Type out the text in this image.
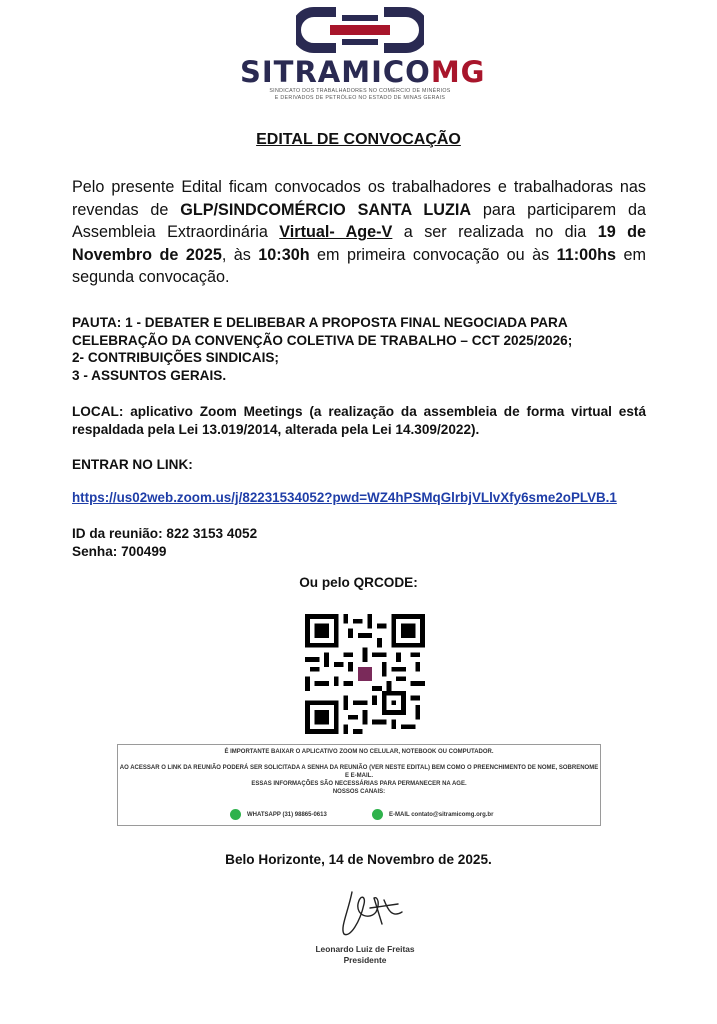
SITRAMICOMG
SINDICATO DOS TRABALHADORES NO COMÉRCIO DE MINÉRIOS
E DERIVADOS DE PETRÓLEO NO ESTADO DE MINAS GERAIS
EDITAL DE CONVOCAÇÃO
Pelo presente Edital ficam convocados os trabalhadores e trabalhadoras nas revendas de GLP/SINDCOMÉRCIO SANTA LUZIA para participarem da Assembleia Extraordinária Virtual- Age-V a ser realizada no dia 19 de Novembro de 2025, às 10:30h em primeira convocação ou às 11:00hs em segunda convocação.
PAUTA: 1 - DEBATER E DELIBEBAR A PROPOSTA FINAL NEGOCIADA PARA CELEBRAÇÃO DA CONVENÇÃO COLETIVA DE TRABALHO – CCT 2025/2026;
2- CONTRIBUIÇÕES SINDICAIS;
3 - ASSUNTOS GERAIS.
LOCAL: aplicativo Zoom Meetings (a realização da assembleia de forma virtual está respaldada pela Lei 13.019/2014, alterada pela Lei 14.309/2022).
ENTRAR NO LINK:
https://us02web.zoom.us/j/82231534052?pwd=WZ4hPSMqGlrbjVLlvXfy6sme2oPLVB.1
ID da reunião: 822 3153 4052
Senha: 700499
Ou pelo QRCODE:

É IMPORTANTE BAIXAR O APLICATIVO ZOOM NO CELULAR, NOTEBOOK OU COMPUTADOR.

AO ACESSAR O LINK DA REUNIÃO PODERÁ SER SOLICITADA A SENHA DA REUNIÃO (VER NESTE EDITAL) BEM COMO O PREENCHIMENTO DE NOME, SOBRENOME E E-MAIL.

ESSAS INFORMAÇÕES SÃO NECESSÁRIAS PARA PERMANECER NA AGE.

NOSSOS CANAIS:

WHATSAPP (31) 98865-0613	E-MAIL contato@sitramicomg.org.br
Belo Horizonte, 14 de Novembro de 2025.
Leonardo Luiz de Freitas
Presidente
